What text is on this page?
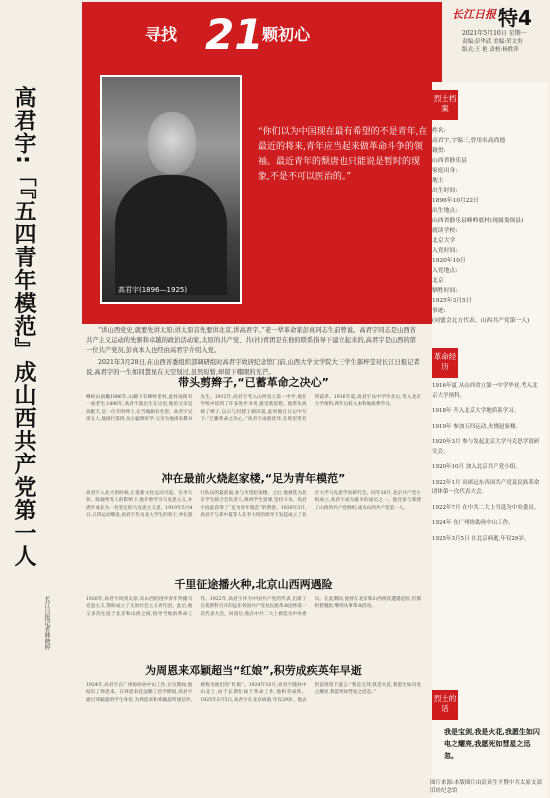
长江日报 特4
2021年5月10日 星期一
责编:彭华武 美编:荣文贵
版式:王 艳 责校:杨胜萍
寻找 21
颗初心
高君宇(1896—1925)
“你们以为中国现在最有希望的不是青年,在最近的将来,青年应当起来做革命斗争的领袖。最近青年的颓唐也只能说是暂时的现象,不是不可以医治的。”
高君宇:「『五四青年模范』成山西共产党第一人
长江日报记者韩晓婷

“讲山西党史,就要先讲太原;讲太原首先要讲北京,讲高君宇。”老一辈革命家彭真同志生前曾说。高君宇同志是山西省共产主义运动的先驱和卓越的政治活动家,太原的共产党、共(社)青团是在他的联系指导下建立起来的,高君宇是山西的第一位共产党员,彭真本人也经由高君宇介绍入党。

2021年3月28日,在山西省委组织部调研组时高君宇故居纪念馆门前,山西大学文学院大三学生郝梓莹对长江日报记者说,高君宇的一生如同慧星在天空划过,虽然短暂,却留下耀眼的光芒。

带头剪辫子,“已蓄革命之决心”
峰岭山南簸1896年,山脚下有峰岭里村,此村南街有一座老宅,1896年,高君宇就出生在这里,他的父亲是高配天,是一位开明绅士,在当地颇有名望。高君宇兄弟五人,他排行第四,从小聪明好学,父亲为他请来教书先生。1912年,高君宇考入山西省立第一中学,他在学校中读到了许多进步书刊,接受新思想。他带头剪掉了辫子,以示与封建王朝决裂,此时他在日记中写下:“已蓄革命之决心。”高君宇成绩优异,在班里常名列前茅。1916年夏,高君宇从中学毕业后,考入北京大学预科,两年后转入本科地质系学习。
冲在最前火烧赵家楼,“足为青年模范”
高君宇入北大的时候,正值新文化运动兴起。在李大钊、陈独秀等人的影响下,他开始学习马克思主义,并逐步成长为一名坚定的马克思主义者。1919年5月4日,五四运动爆发,高君宇作为北大学生的骨干,冲在游行队伍的最前面,参与火烧赵家楼。之后,他被选为北京学生联合会负责人,组织学生罢课,坚持斗争。高君宇因此获得了“足为青年模范”的赞誉。1920年3月,高君宇与邓中夏等人在李大钊的指导下发起成立了北京大学马克思学说研究会。同年10月,北京共产党小组成立,高君宇成为最早的成员之一。他还参与筹建了山西的共产党组织,成为山西共产党第一人。
千里征途播火种,北京山西两遇险
1920年,高君宇回到太原,向山西的进步青年传播马克思主义,帮助成立了太原社会主义青年团。此后,他又多次往返于北京和山西之间,指导当地的革命工作。1922年,高君宇作为中国共产党的代表,出席了在莫斯科召开的远东各国共产党及民族革命团体第一次代表大会。回国后,他在中共二大上被选为中央委员。在此期间,他曾在北京和山西两次遭遇危险,但都机智脱险,继续从事革命活动。
为周恩来邓颖超当“红娘”,积劳成疾英年早逝
1924年,高君宇在广州协助孙中山工作,在这期间,他结识了周恩来。在周恩来赴法勤工俭学期间,高君宇通过邓颖超的学生身份,为周恩来和邓颖超传递信件,被称为他们的“红娘”。1924年10月,高君宇随孙中山北上,由于长期忙碌于革命工作,他积劳成疾。1925年3月5日,高君宇在北京病逝,年仅29岁。他去世前曾留下遗言:“我是宝剑,我是火花,我愿生如闪电之耀亮,我愿死如彗星之迅忽。”
烈士档案
姓名:
高君宇,字锡三,曾用名高尚德
籍贯:
山西省静乐县
家庭出身:
地主
出生时间:
1896年10月22日
出生地点:
山西省静乐县峰岭底村(现属娄烦县)
就读学校:
北京大学
入党时间:
1920年10月
入党地点:
北京
牺牲时间:
1925年3月5日
事迹:
(同盟会北方代表、山西共产党第一人)
革命经历
1916年夏 从山西省立第一中学毕业,考入北京大学预科。
1918年 升入北京大学地质系学习。
1919年 参加五四运动,火烧赵家楼。
1920年3月 参与发起北京大学马克思学说研究会。
1920年10月 加入北京共产党小组。
1922年1月 出席远东各国共产党及民族革命团体第一次代表大会。
1922年7月 在中共二大上当选为中央委员。
1924年 在广州协助孙中山工作。
1925年3月5日 在北京病逝,年仅29岁。
烈士的话
我是宝剑,我是火花,我愿生如闪电之耀亮,我愿死如彗星之迅忽。
图片来源:本版图片由彭真生平暨中共太原支部旧址纪念馆
